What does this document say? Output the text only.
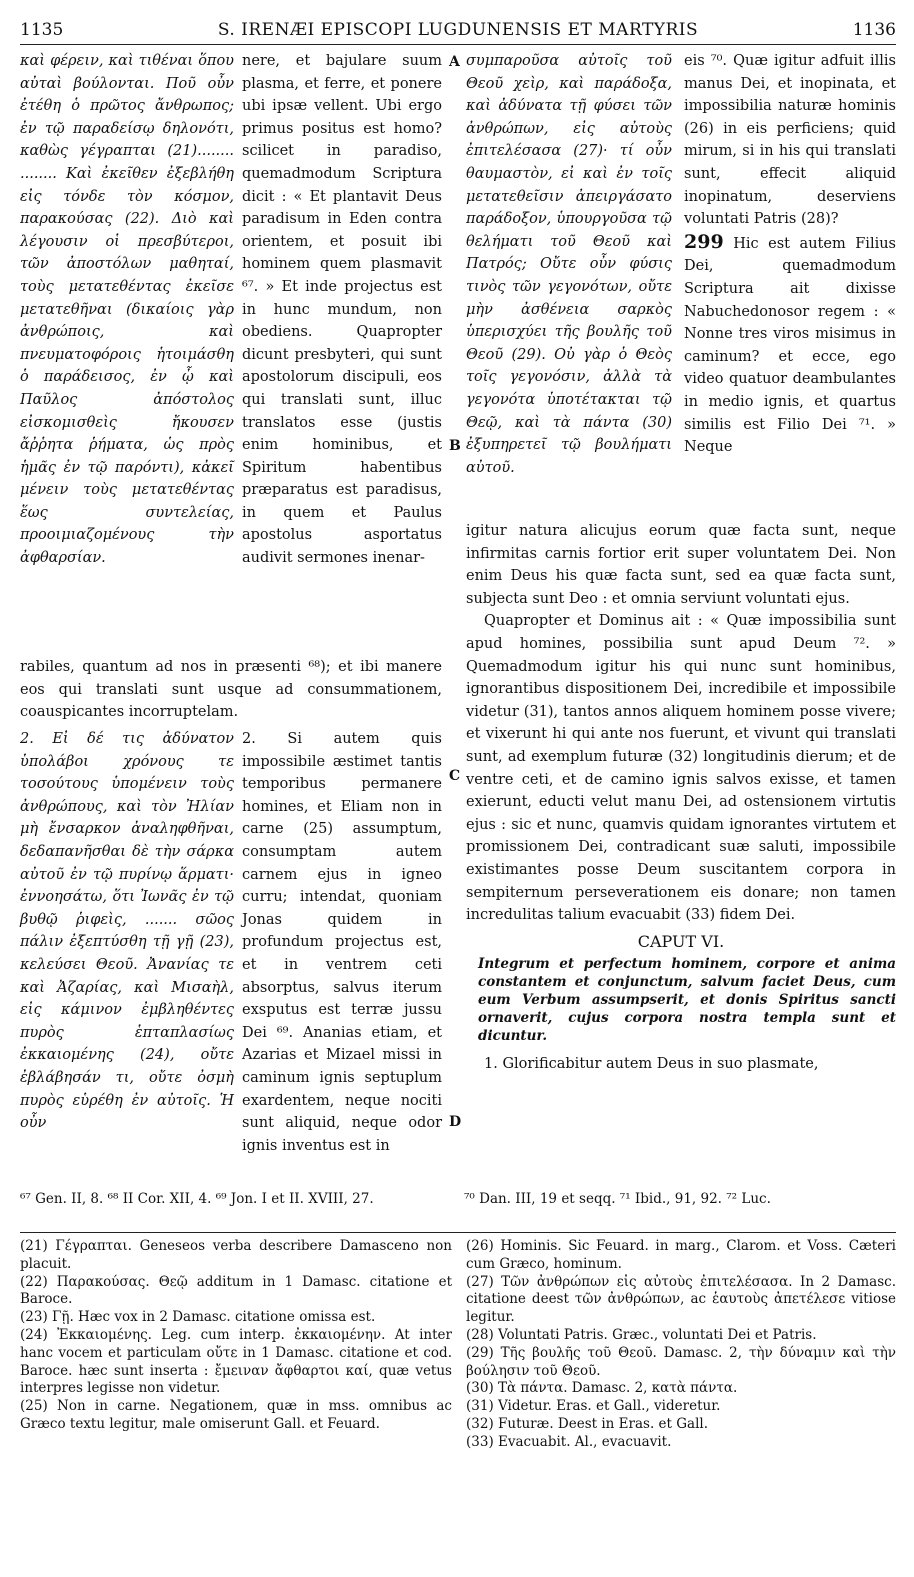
1135	S. IRENÆI EPISCOPI LUGDUNENSIS ET MARTYRIS	1136

καὶ φέρειν, καὶ τιθέναι ὅπου αὐταὶ βούλονται. Ποῦ οὖν ἐτέθη ὁ πρῶτος ἄνθρωπος; ἐν τῷ παραδείσῳ δηλονότι, καθὼς γέγραπται (21)........ ........ Καὶ ἐκεῖθεν ἐξεβλήθη εἰς τόνδε τὸν κόσμον, παρακούσας (22). Διὸ καὶ λέγουσιν οἱ πρεσβύτεροι, τῶν ἀποστόλων μαθηταί, τοὺς μετατεθέντας ἐκεῖσε μετατεθῆναι (δικαίοις γὰρ ἀνθρώποις, καὶ πνευματοφόροις ἡτοιμάσθη ὁ παράδεισος, ἐν ᾧ καὶ Παῦλος ἀπόστολος εἰσκομισθεὶς ἤκουσεν ἄῤῥητα ῥήματα, ὡς πρὸς ἡμᾶς ἐν τῷ παρόντι), κἀκεῖ μένειν τοὺς μετατεθέντας ἕως συντελείας, προοιμιαζομένους τὴν ἀφθαρσίαν.

nere, et bajulare suum plasma, et ferre, et ponere ubi ipsæ vellent. Ubi ergo primus positus est homo? scilicet in paradiso, quemadmodum Scriptura dicit : « Et plantavit Deus paradisum in Eden contra orientem, et posuit ibi hominem quem plasmavit ⁶⁷. » Et inde projectus est in hunc mundum, non obediens. Quapropter dicunt presbyteri, qui sunt apostolorum discipuli, eos qui translati sunt, illuc translatos esse (justis enim hominibus, et Spiritum habentibus præparatus est paradisus, in quem et Paulus apostolus asportatus audivit sermones inenar-

rabiles, quantum ad nos in præsenti ⁶⁸); et ibi manere eos qui translati sunt usque ad consummationem, coauspicantes incorruptelam.

2. Εἰ δέ τις ἀδύνατον ὑπολάβοι χρόνους τε τοσούτους ὑπομένειν τοὺς ἀνθρώπους, καὶ τὸν Ἠλίαν μὴ ἔνσαρκον ἀναληφθῆναι, δεδαπανῆσθαι δὲ τὴν σάρκα αὐτοῦ ἐν τῷ πυρίνῳ ἅρματι· ἐννοησάτω, ὅτι Ἰωνᾶς ἐν τῷ βυθῷ ῥιφεὶς, ....... σῶος πάλιν ἐξεπτύσθη τῇ γῇ (23), κελεύσει Θεοῦ. Ἀνανίας τε καὶ Ἀζαρίας, καὶ Μισαὴλ, εἰς κάμινον ἐμβληθέντες πυρὸς ἑπταπλασίως ἐκκαιομένης (24), οὔτε ἐβλάβησάν τι, οὔτε ὀσμὴ πυρὸς εὑρέθη ἐν αὐτοῖς. Ἡ οὖν

2. Si autem quis impossibile æstimet tantis temporibus permanere homines, et Eliam non in carne (25) assumptum, consumptam autem carnem ejus in igneo curru; intendat, quoniam Jonas quidem in profundum projectus est, et in ventrem ceti absorptus, salvus iterum exsputus est terræ jussu Dei ⁶⁹. Ananias etiam, et Azarias et Mizael missi in caminum ignis septuplum exardentem, neque nociti sunt aliquid, neque odor ignis inventus est in

συμπαροῦσα αὐτοῖς τοῦ Θεοῦ χεὶρ, καὶ παράδοξα, καὶ ἀδύνατα τῇ φύσει τῶν ἀνθρώπων, εἰς αὐτοὺς ἐπιτελέσασα (27)· τί οὖν θαυμαστὸν, εἰ καὶ ἐν τοῖς μετατεθεῖσιν ἀπειργάσατο παράδοξον, ὑπουργοῦσα τῷ θελήματι τοῦ Θεοῦ καὶ Πατρός; Οὔτε οὖν φύσις τινὸς τῶν γεγονότων, οὔτε μὴν ἀσθένεια σαρκὸς ὑπερισχύει τῆς βουλῆς τοῦ Θεοῦ (29). Οὐ γὰρ ὁ Θεὸς τοῖς γεγονόσιν, ἀλλὰ τὰ γεγονότα ὑποτέτακται τῷ Θεῷ, καὶ τὰ πάντα (30) ἐξυπηρετεῖ τῷ βουλήματι αὐτοῦ.

eis ⁷⁰. Quæ igitur adfuit illis manus Dei, et inopinata, et impossibilia naturæ hominis (26) in eis perficiens; quid mirum, si in his qui translati sunt, effecit aliquid inopinatum, deserviens voluntati Patris (28)?

299 Hic est autem Filius Dei, quemadmodum Scriptura ait dixisse Nabuchedonosor regem : « Nonne tres viros misimus in caminum? et ecce, ego video quatuor deambulantes in medio ignis, et quartus similis est Filio Dei ⁷¹. » Neque

igitur natura alicujus eorum quæ facta sunt, neque infirmitas carnis fortior erit super voluntatem Dei. Non enim Deus his quæ facta sunt, sed ea quæ facta sunt, subjecta sunt Deo : et omnia serviunt voluntati ejus.

Quapropter et Dominus ait : « Quæ impossibilia sunt apud homines, possibilia sunt apud Deum ⁷². » Quemadmodum igitur his qui nunc sunt hominibus, ignorantibus dispositionem Dei, incredibile et impossibile videtur (31), tantos annos aliquem hominem posse vivere; et vixerunt hi qui ante nos fuerunt, et vivunt qui translati sunt, ad exemplum futuræ (32) longitudinis dierum; et de ventre ceti, et de camino ignis salvos exisse, et tamen exierunt, educti velut manu Dei, ad ostensionem virtutis ejus : sic et nunc, quamvis quidam ignorantes virtutem et promissionem Dei, contradicant suæ saluti, impossibile existimantes posse Deum suscitantem corpora in sempiternum perseverationem eis donare; non tamen incredulitas talium evacuabit (33) fidem Dei.

CAPUT VI.
Integrum et perfectum hominem, corpore et anima constantem et conjunctum, salvum faciet Deus, cum eum Verbum assumpserit, et donis Spiritus sancti ornaverit, cujus corpora nostra templa sunt et dicuntur.

1. Glorificabitur autem Deus in suo plasmate,

A
B
C
D
⁶⁷ Gen. II, 8. ⁶⁸ II Cor. XII, 4. ⁶⁹ Jon. I et II. XVIII, 27.	⁷⁰ Dan. III, 19 et seqq. ⁷¹ Ibid., 91, 92. ⁷² Luc.

(21) Γέγραπται. Geneseos verba describere Damasceno non placuit.

(22) Παρακούσας. Θεῷ additum in 1 Damasc. citatione et Baroce.

(23) Γῇ. Hæc vox in 2 Damasc. citatione omissa est.

(24) Ἐκκαιομένης. Leg. cum interp. ἐκκαιομένην. At inter hanc vocem et particulam οὔτε in 1 Damasc. citatione et cod. Baroce. hæc sunt inserta : ἔμειναν ἄφθαρτοι καί, quæ vetus interpres legisse non videtur.

(25) Non in carne. Negationem, quæ in mss. omnibus ac Græco textu legitur, male omiserunt Gall. et Feuard.

(26) Hominis. Sic Feuard. in marg., Clarom. et Voss. Cæteri cum Græco, hominum.

(27) Τῶν ἀνθρώπων εἰς αὐτοὺς ἐπιτελέσασα. In 2 Damasc. citatione deest τῶν ἀνθρώπων, ac ἑαυτοὺς ἀπετέλεσε vitiose legitur.

(28) Voluntati Patris. Græc., voluntati Dei et Patris.

(29) Τῆς βουλῆς τοῦ Θεοῦ. Damasc. 2, τὴν δύναμιν καὶ τὴν βούλησιν τοῦ Θεοῦ.

(30) Τὰ πάντα. Damasc. 2, κατὰ πάντα.

(31) Videtur. Eras. et Gall., videretur.

(32) Futuræ. Deest in Eras. et Gall.

(33) Evacuabit. Al., evacuavit.
